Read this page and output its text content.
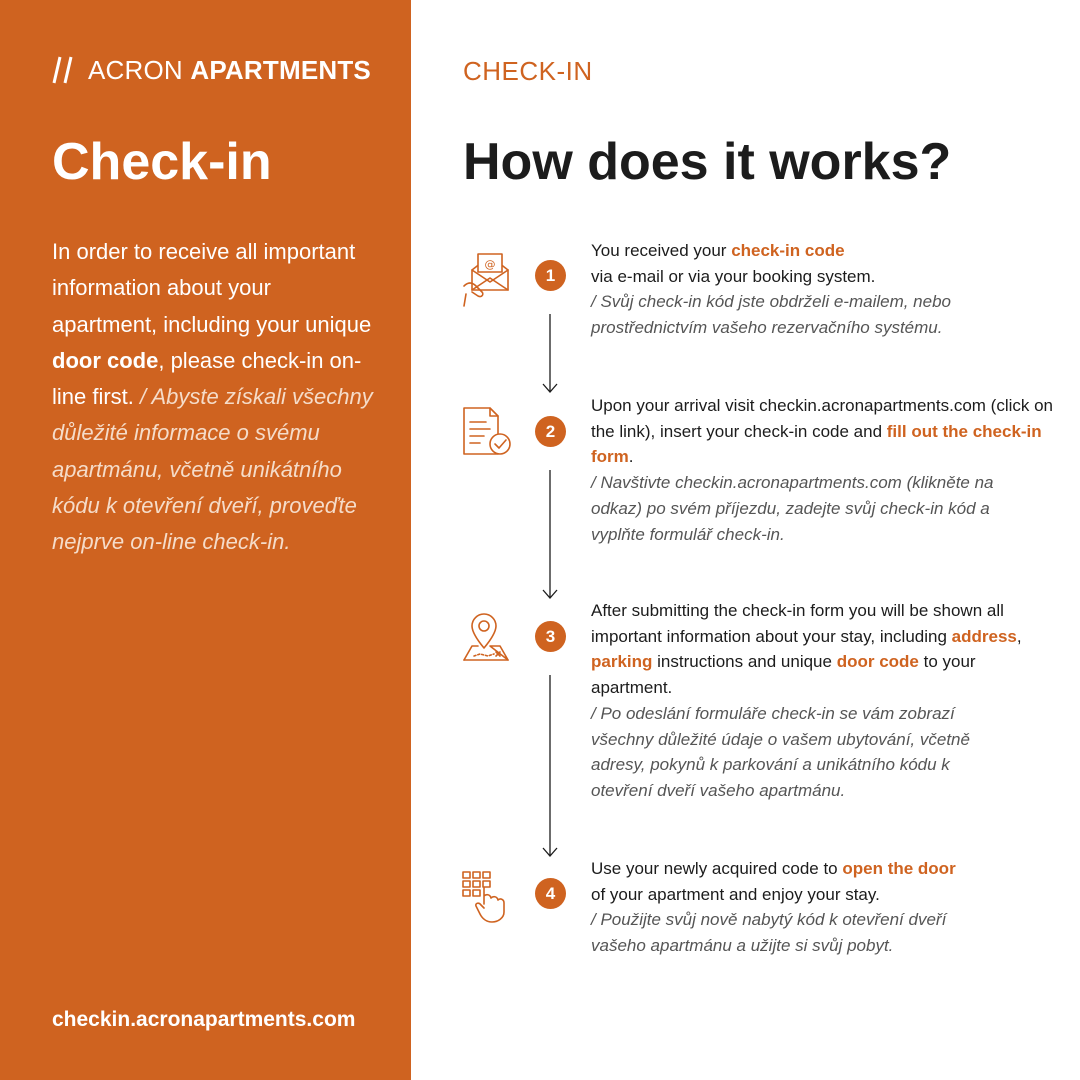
ACRON APARTMENTS
Check-in
In order to receive all important information about your apartment, including your unique door code, please check-in on-line first. / Abyste získali všechny důležité informace o svému apartmánu, včetně unikátního kódu k otevření dveří, proveďte nejprve on-line check-in.
checkin.acronapartments.com
CHECK-IN
How does it works?
@
1
You received your check-in code
via e-mail or via your booking system.
/ Svůj check-in kód jste obdrželi e-mailem, nebo prostřednictvím vašeho rezervačního systému.
2
Upon your arrival visit checkin.acronapartments.com (click on the link), insert your check-in code and fill out the check-in form.
/ Navštivte checkin.acronapartments.com (klikněte na odkaz) po svém příjezdu, zadejte svůj check-in kód a vyplňte formulář check-in.
3
After submitting the check-in form you will be shown all important information about your stay, including address, parking instructions and unique door code to your apartment.
/ Po odeslání formuláře check-in se vám zobrazí všechny důležité údaje o vašem ubytování, včetně adresy, pokynů k parkování a unikátního kódu k otevření dveří vašeho apartmánu.
4
Use your newly acquired code to open the door
of your apartment and enjoy your stay.
/ Použijte svůj nově nabytý kód k otevření dveří vašeho apartmánu a užijte si svůj pobyt.
